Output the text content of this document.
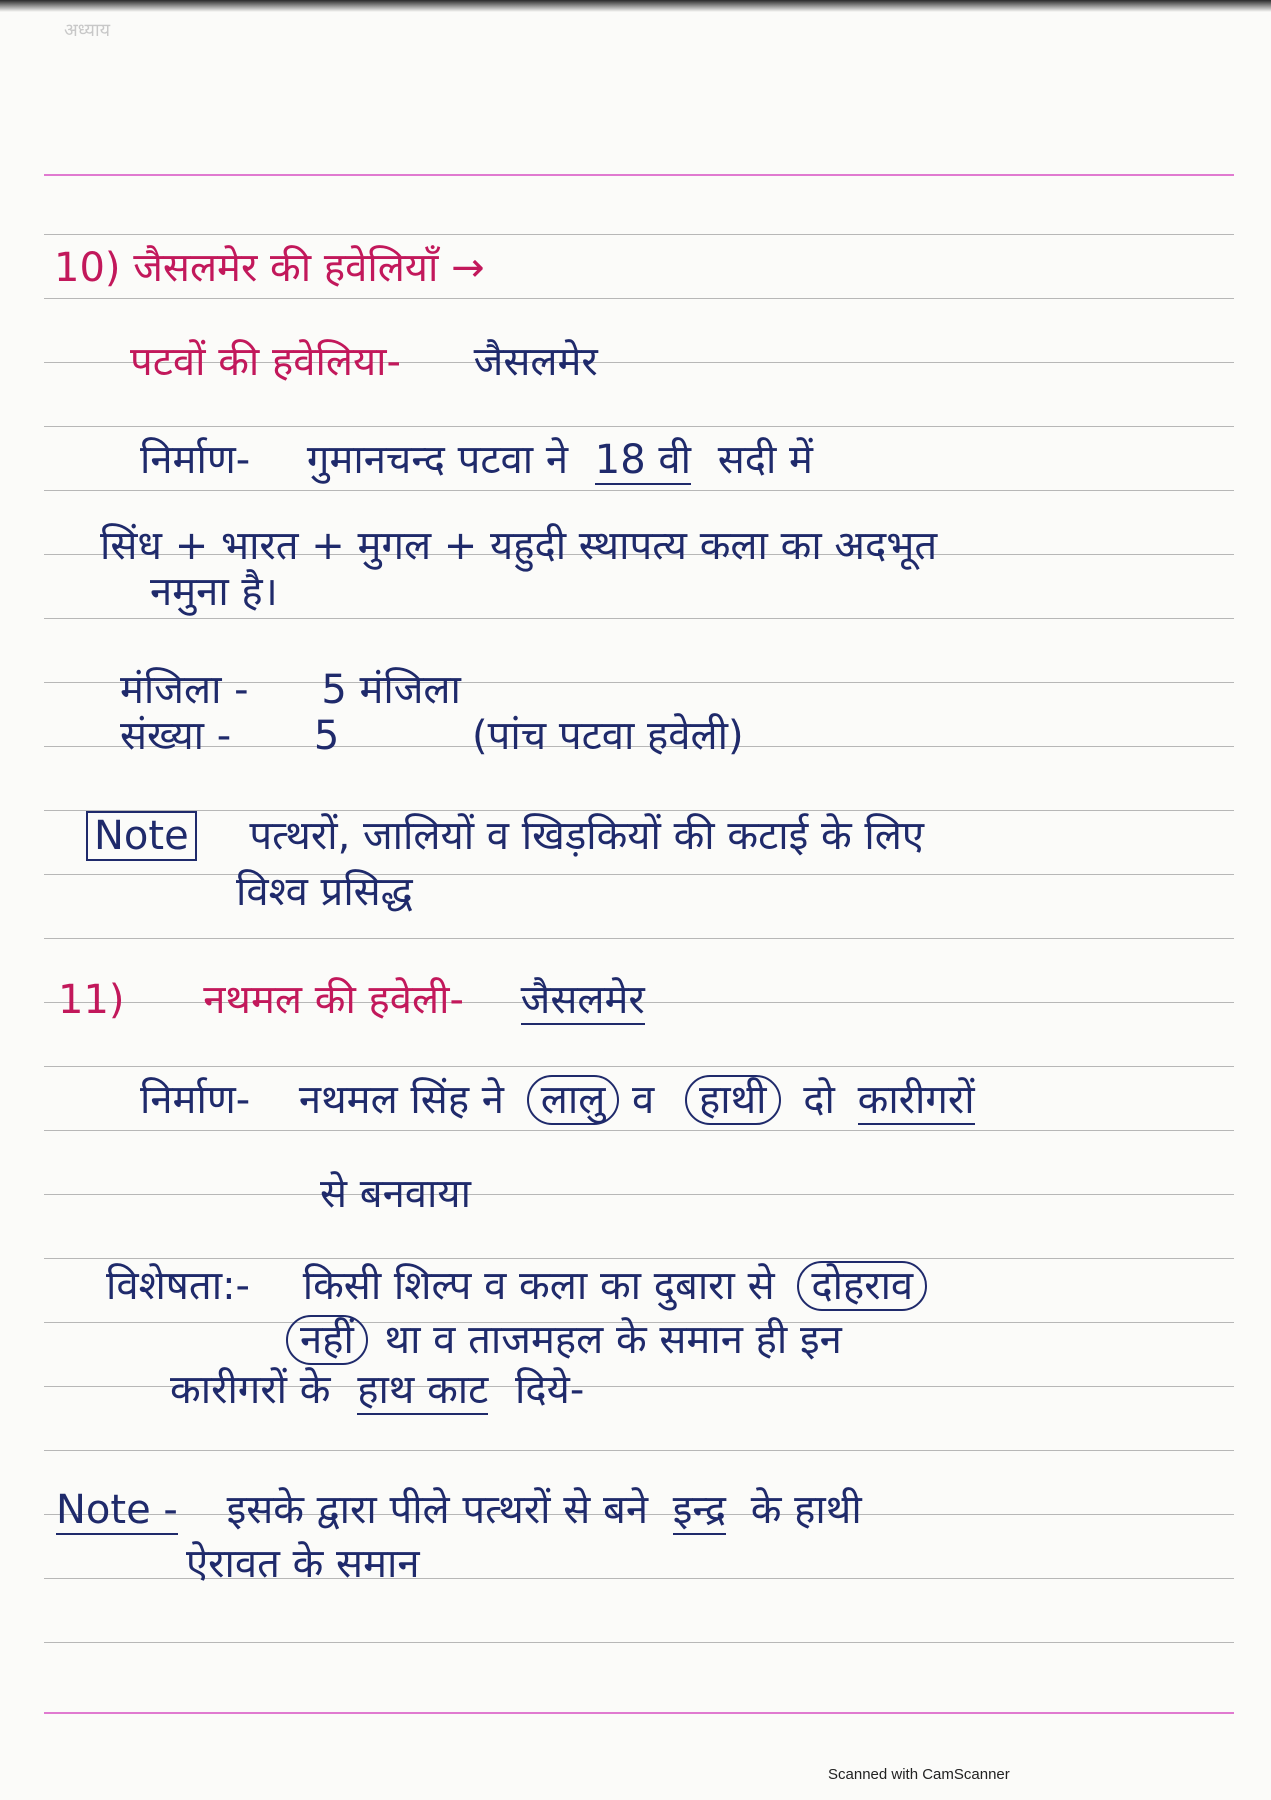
अध्याय
10) जैसलमेर की हवेलियाँ →
पटवों की हवेलिया- जैसलमेर
निर्माण- गुमानचन्द पटवा ने 18 वी सदी में
सिंध + भारत + मुगल + यहुदी स्थापत्य कला का अदभूत
नमुना है।
मंजिला - 5 मंजिला
संख्या - 5	(पांच पटवा हवेली)
Note पत्थरों, जालियों व खिड़कियों की कटाई के लिए
विश्व प्रसिद्ध
11) नथमल की हवेली- जैसलमेर
निर्माण- नथमल सिंह ने लालु व हाथी दो कारीगरों
से बनवाया
विशेषता:- किसी शिल्प व कला का दुबारा से दोहराव
नहीं था व ताजमहल के समान ही इन
कारीगरों के हाथ काट दिये-
Note - इसके द्वारा पीले पत्थरों से बने इन्द्र के हाथी
ऐरावत के समान
Scanned with CamScanner
